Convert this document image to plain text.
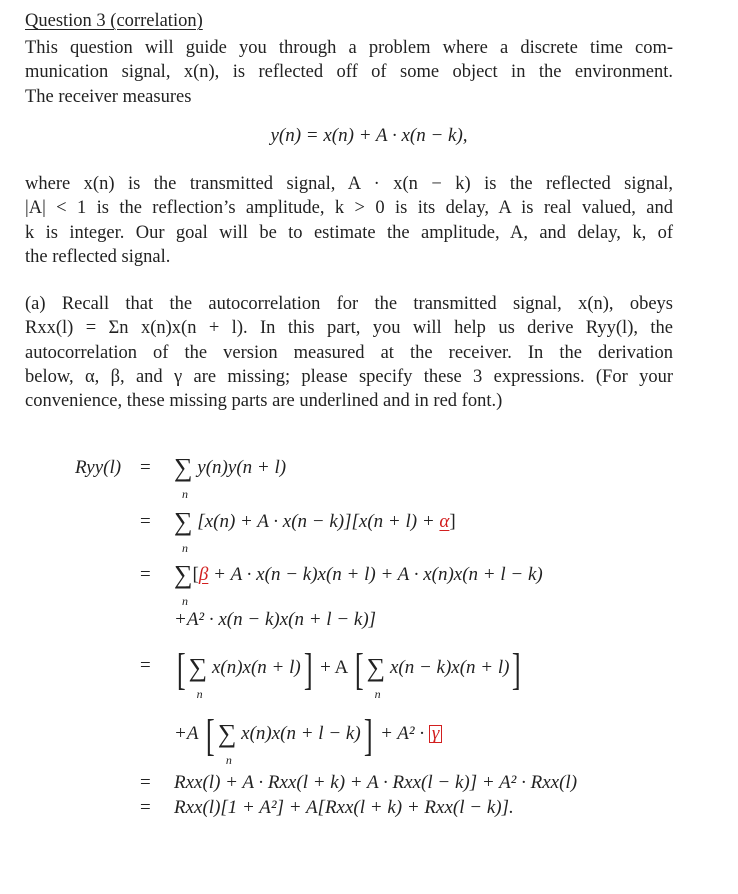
Question 3 (correlation)
This question will guide you through a problem where a discrete time com-
munication signal, x(n), is reflected off of some object in the environment.
The receiver measures
y(n) = x(n) + A · x(n − k),
where x(n) is the transmitted signal, A · x(n − k) is the reflected signal,
|A| < 1 is the reflection’s amplitude, k > 0 is its delay, A is real valued, and
k is integer. Our goal will be to estimate the amplitude, A, and delay, k, of
the reflected signal.
(a) Recall that the autocorrelation for the transmitted signal, x(n), obeys
Rxx(l) = Σn x(n)x(n + l). In this part, you will help us derive Ryy(l), the
autocorrelation of the version measured at the receiver. In the derivation
below, α, β, and γ are missing; please specify these 3 expressions. (For your
convenience, these missing parts are underlined and in red font.)
Ryy(l) = ∑
n
y(n)y(n + l)
= ∑
n
[x(n) + A · x(n − k)][x(n + l) + α]
= ∑
n
[β + A · x(n − k)x(n + l) + A · x(n)x(n + l − k)
+A² · x(n − k)x(n + l − k)]
= [ ∑
n
x(n)x(n + l)] + A [ ∑
n
x(n − k)x(n + l)]
+A [ ∑
n
x(n)x(n + l − k)] + A² · γ
= Rxx(l) + A · Rxx(l + k) + A · Rxx(l − k)] + A² · Rxx(l)
= Rxx(l)[1 + A²] + A[Rxx(l + k) + Rxx(l − k)].
